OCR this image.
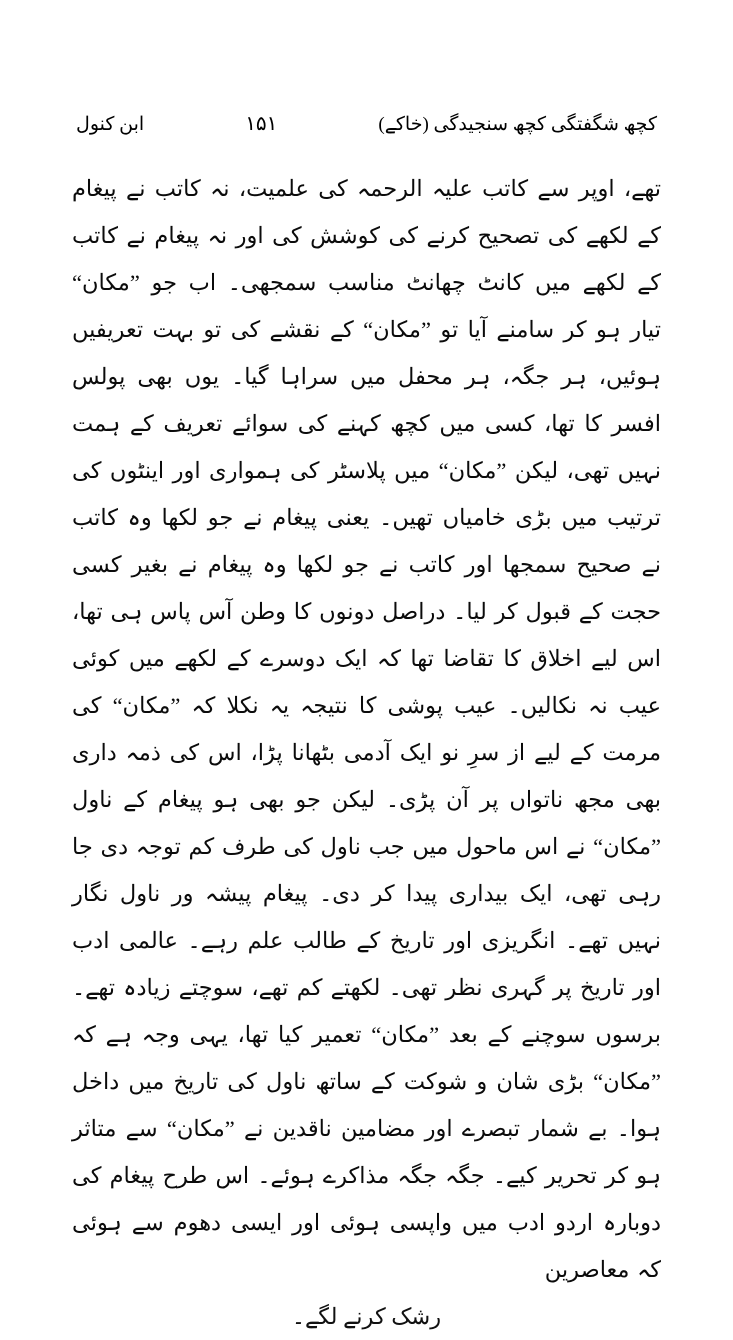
کچھ شگفتگی کچھ سنجیدگی (خاکے)
۱۵۱
ابن کنول

تھے، اوپر سے کاتب علیہ الرحمہ کی علمیت، نہ کاتب نے پیغام کے لکھے کی تصحیح کرنے کی کوشش کی اور نہ پیغام نے کاتب کے لکھے میں کانٹ چھانٹ مناسب سمجھی۔ اب جو ”مکان“ تیار ہو کر سامنے آیا تو ”مکان“ کے نقشے کی تو بہت تعریفیں ہوئیں، ہر جگہ، ہر محفل میں سراہا گیا۔ یوں بھی پولس افسر کا تھا، کسی میں کچھ کہنے کی سوائے تعریف کے ہمت نہیں تھی، لیکن ”مکان“ میں پلاسٹر کی ہمواری اور اینٹوں کی ترتیب میں بڑی خامیاں تھیں۔ یعنی پیغام نے جو لکھا وہ کاتب نے صحیح سمجھا اور کاتب نے جو لکھا وہ پیغام نے بغیر کسی حجت کے قبول کر لیا۔ دراصل دونوں کا وطن آس پاس ہی تھا، اس لیے اخلاق کا تقاضا تھا کہ ایک دوسرے کے لکھے میں کوئی عیب نہ نکالیں۔ عیب پوشی کا نتیجہ یہ نکلا کہ ”مکان“ کی مرمت کے لیے از سرِ نو ایک آدمی بٹھانا پڑا، اس کی ذمہ داری بھی مجھ ناتواں پر آن پڑی۔ لیکن جو بھی ہو پیغام کے ناول ”مکان“ نے اس ماحول میں جب ناول کی طرف کم توجہ دی جا رہی تھی، ایک بیداری پیدا کر دی۔ پیغام پیشہ ور ناول نگار نہیں تھے۔ انگریزی اور تاریخ کے طالب علم رہے۔ عالمی ادب اور تاریخ پر گہری نظر تھی۔ لکھتے کم تھے، سوچتے زیادہ تھے۔ برسوں سوچنے کے بعد ”مکان“ تعمیر کیا تھا، یہی وجہ ہے کہ ”مکان“ بڑی شان و شوکت کے ساتھ ناول کی تاریخ میں داخل ہوا۔ بے شمار تبصرے اور مضامین ناقدین نے ”مکان“ سے متاثر ہو کر تحریر کیے۔ جگہ جگہ مذاکرے ہوئے۔ اس طرح پیغام کی دوبارہ اردو ادب میں واپسی ہوئی اور ایسی دھوم سے ہوئی کہ معاصرین

رشک کرنے لگے۔
